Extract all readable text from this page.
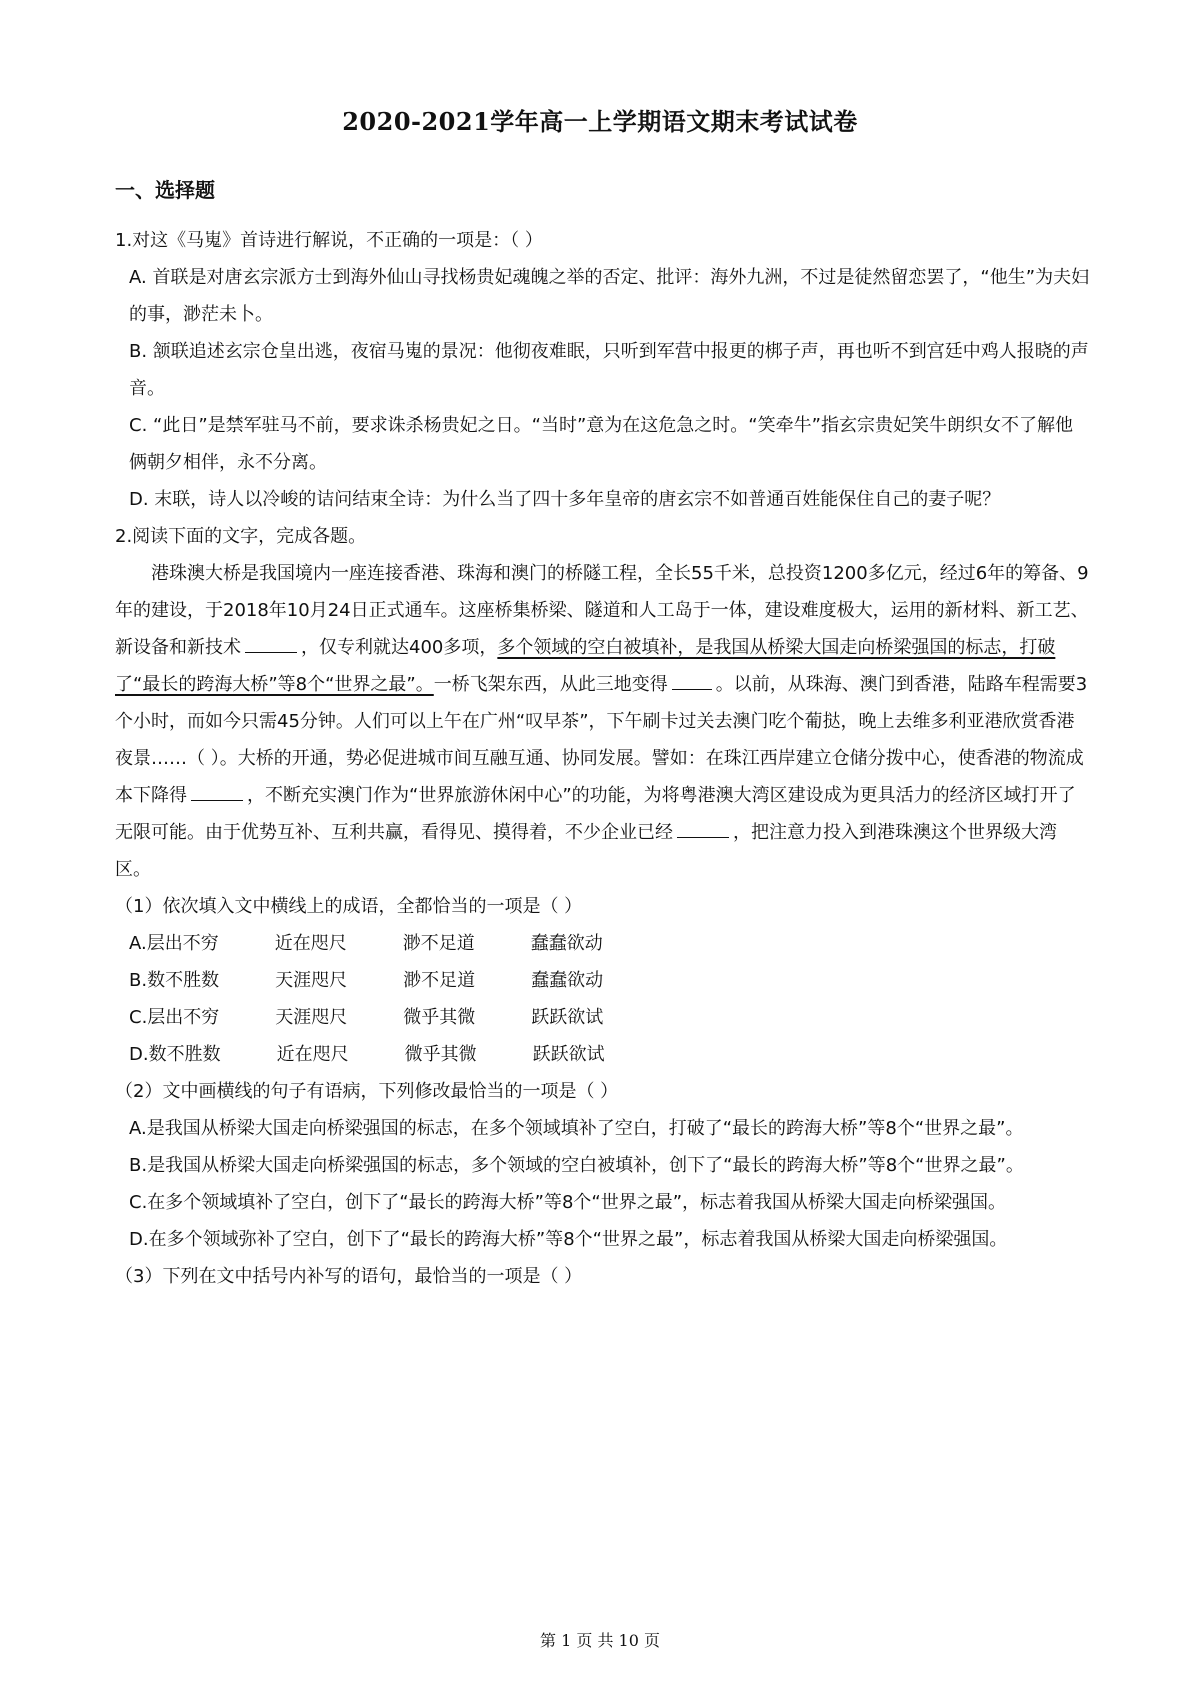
2020-2021学年高一上学期语文期末考试试卷
一、选择题

1.对这《马嵬》首诗进行解说，不正确的一项是：（ ）

A. 首联是对唐玄宗派方士到海外仙山寻找杨贵妃魂魄之举的否定、批评：海外九洲，不过是徒然留恋罢了，“他生”为夫妇的事，渺茫未卜。

B. 颔联追述玄宗仓皇出逃，夜宿马嵬的景况：他彻夜难眠，只听到军营中报更的梆子声，再也听不到宫廷中鸡人报晓的声音。

C. “此日”是禁军驻马不前，要求诛杀杨贵妃之日。“当时”意为在这危急之时。“笑牵牛”指玄宗贵妃笑牛朗织女不了解他俩朝夕相伴，永不分离。

D. 末联，诗人以冷峻的诘问结束全诗：为什么当了四十多年皇帝的唐玄宗不如普通百姓能保住自己的妻子呢？

2.阅读下面的文字，完成各题。

港珠澳大桥是我国境内一座连接香港、珠海和澳门的桥隧工程，全长55千米，总投资1200多亿元，经过6年的筹备、9年的建设，于2018年10月24日正式通车。这座桥集桥梁、隧道和人工岛于一体，建设难度极大，运用的新材料、新工艺、新设备和新技术	，仅专利就达400多项，多个领域的空白被填补，是我国从桥梁大国走向桥梁强国的标志，打破了“最长的跨海大桥”等8个“世界之最”。一桥飞架东西，从此三地变得	。以前，从珠海、澳门到香港，陆路车程需要3个小时，而如今只需45分钟。人们可以上午在广州“叹早茶”，下午刷卡过关去澳门吃个葡挞，晚上去维多利亚港欣赏香港夜景……（ ）。大桥的开通，势必促进城市间互融互通、协同发展。譬如：在珠江西岸建立仓储分拨中心，使香港的物流成本下降得	，不断充实澳门作为“世界旅游休闲中心”的功能，为将粤港澳大湾区建设成为更具活力的经济区域打开了无限可能。由于优势互补、互利共赢，看得见、摸得着，不少企业已经	，把注意力投入到港珠澳这个世界级大湾区。

（1）依次填入文中横线上的成语，全都恰当的一项是（ ）

A.层出不穷	近在咫尺	渺不足道	蠢蠢欲动

B.数不胜数	天涯咫尺	渺不足道	蠢蠢欲动

C.层出不穷	天涯咫尺	微乎其微	跃跃欲试

D.数不胜数	近在咫尺	微乎其微	跃跃欲试

（2）文中画横线的句子有语病，下列修改最恰当的一项是（ ）

A.是我国从桥梁大国走向桥梁强国的标志，在多个领域填补了空白，打破了“最长的跨海大桥”等8个“世界之最”。

B.是我国从桥梁大国走向桥梁强国的标志，多个领域的空白被填补，创下了“最长的跨海大桥”等8个“世界之最”。

C.在多个领域填补了空白，创下了“最长的跨海大桥”等8个“世界之最”，标志着我国从桥梁大国走向桥梁强国。

D.在多个领域弥补了空白，创下了“最长的跨海大桥”等8个“世界之最”，标志着我国从桥梁大国走向桥梁强国。

（3）下列在文中括号内补写的语句，最恰当的一项是（ ）

第 1 页 共 10 页
